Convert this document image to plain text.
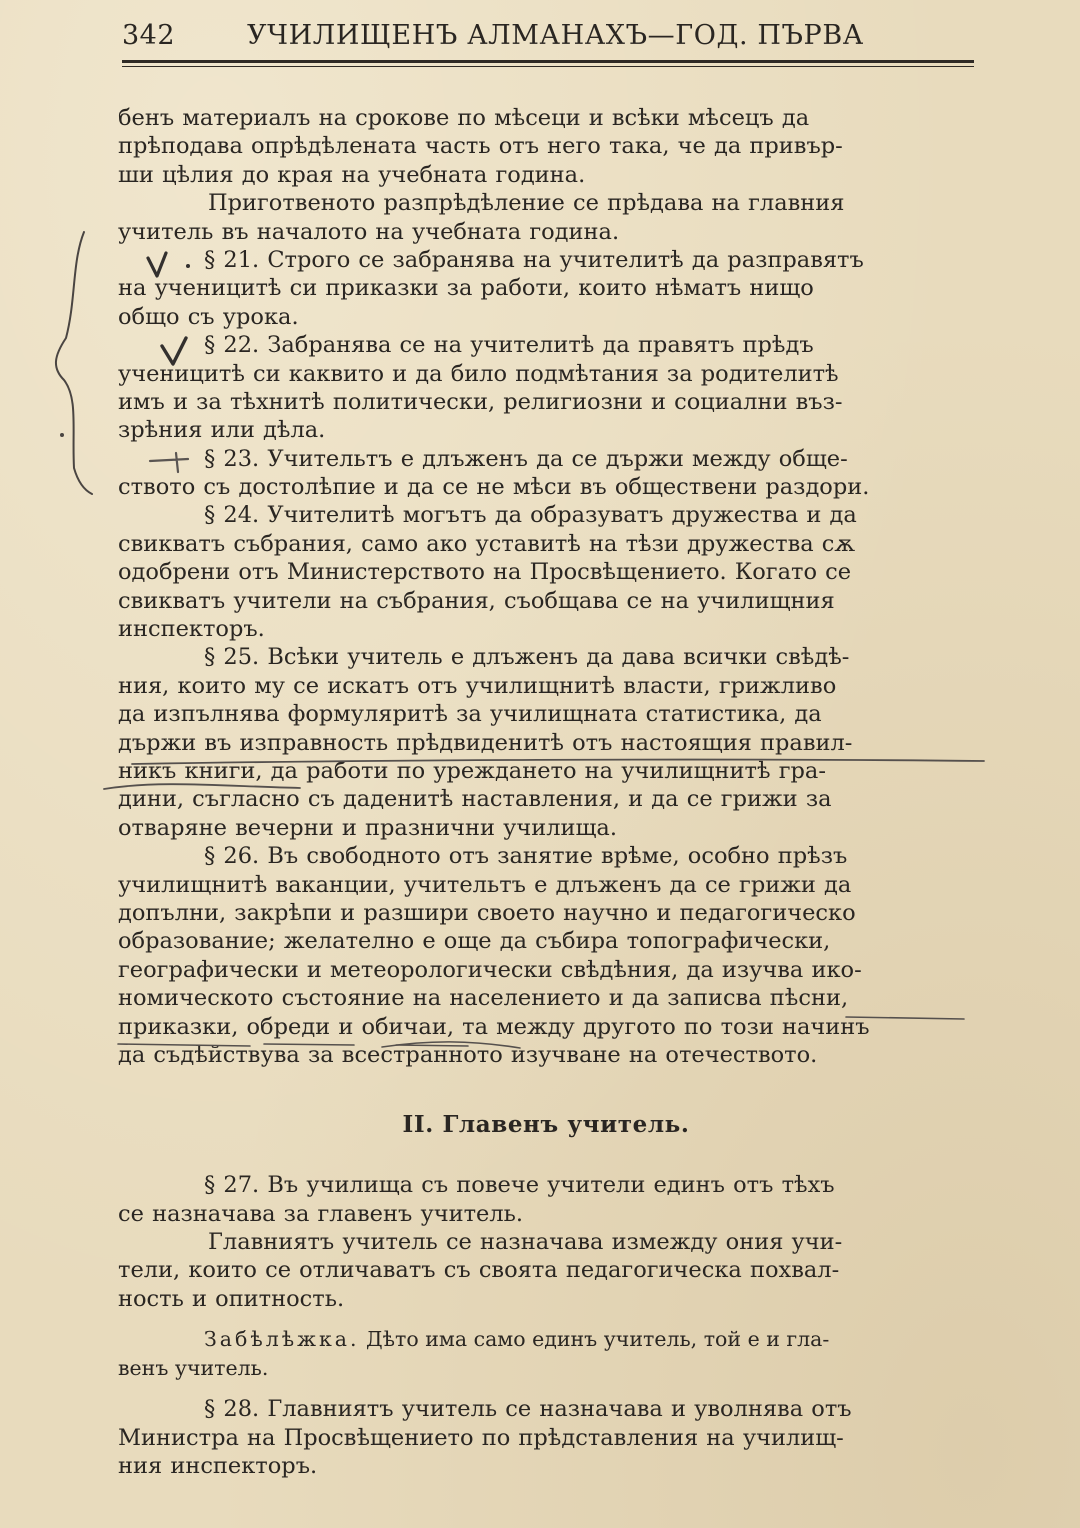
342	УЧИЛИЩЕНЪ АЛМАНАХЪ—ГОД. ПЪРВА
бенъ материалъ на срокове по мѣсеци и всѣки мѣсецъ да
прѣподава опрѣдѣлената часть отъ него така, че да привър-
ши цѣлия до края на учебната година.
Приготвеното разпрѣдѣление се прѣдава на главния
учитель въ началото на учебната година.
§ 21. Строго се забранява на учителитѣ да разправятъ
на ученицитѣ си приказки за работи, които нѣматъ нищо
общо съ урока.
§ 22. Забранява се на учителитѣ да правятъ прѣдъ
ученицитѣ си каквито и да било подмѣтания за родителитѣ
имъ и за тѣхнитѣ политически, религиозни и социални въз-
зрѣния или дѣла.
§ 23. Учительтъ е длъженъ да се държи между обще-
ството съ достолѣпие и да се не мѣси въ обществени раздори.
§ 24. Учителитѣ могътъ да образуватъ дружества и да
свикватъ събрания, само ако уставитѣ на тѣзи дружества сѫ
одобрени отъ Министерството на Просвѣщението. Когато се
свикватъ учители на събрания, съобщава се на училищния
инспекторъ.
§ 25. Всѣки учитель е длъженъ да дава всички свѣдѣ-
ния, които му се искатъ отъ училищнитѣ власти, грижливо
да изпълнява формуляритѣ за училищната статистика, да
държи въ изправность прѣдвиденитѣ отъ настоящия правил-
никъ книги, да работи по уреждането на училищнитѣ гра-
дини, съгласно съ даденитѣ наставления, и да се грижи за
отваряне вечерни и празнични училища.
§ 26. Въ свободното отъ занятие врѣме, особно прѣзъ
училищнитѣ ваканции, учительтъ е длъженъ да се грижи да
допълни, закрѣпи и разшири своето научно и педагогическо
образование; желателно е още да събира топографически,
географически и метеорологически свѣдѣния, да изучва ико-
номическото състояние на населението и да записва пѣсни,
приказки, обреди и обичаи, та между другото по този начинъ
да съдѣйствува за всестранното изучване на отечеството.
II. Главенъ учитель.
§ 27. Въ училища съ повече учители единъ отъ тѣхъ
се назначава за главенъ учитель.
Главниятъ учитель се назначава измежду ония учи-
тели, които се отличаватъ съ своята педагогическа похвал-
ность и опитность.
Забѣлѣжка. Дѣто има само единъ учитель, той е и гла-
венъ учитель.
§ 28. Главниятъ учитель се назначава и уволнява отъ
Министра на Просвѣщението по прѣдставления на училищ-
ния инспекторъ.
